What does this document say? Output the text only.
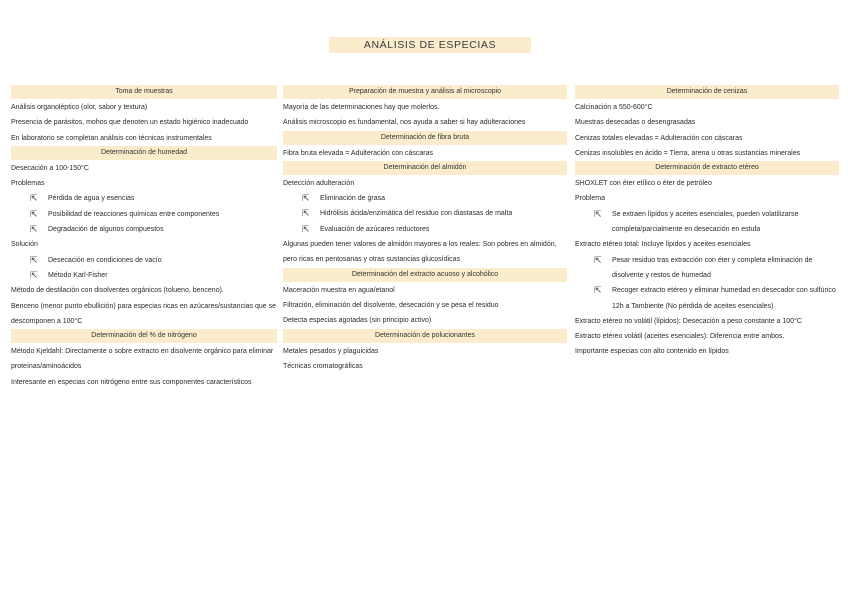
ANÁLISIS DE ESPECIAS
Toma de muestras
Análisis organoléptico (olor, sabor y textura)
Presencia de parásitos, mohos que denoten un estado higiénico inadecuado
En laboratorio se completan análisis con técnicas instrumentales
Determinación de humedad
Desecación a 100-150°C
Problemas
⇱ Pérdida de agua y esencias
⇱ Posibilidad de reacciones químicas entre componentes
⇱ Degradación de algunos compuestos
Solución
⇱ Desecación en condiciones de vacío
⇱ Método Karl-Fisher
Método de destilación con disolventes orgánicos (tolueno, benceno).
Benceno (menor punto ebullición) para especias ricas en azúcares/sustancias que se descomponen a 100°C
Determinación del % de nitrógeno
Método Kjeldahl: Directamente o sobre extracto en disolvente orgánico para eliminar proteínas/aminoácidos
Interesante en especias con nitrógeno entre sus componentes característicos
Preparación de muestra y análisis al microscopio
Mayoría de las determinaciones hay que molerlos.
Análisis microscopio es fundamental, nos ayuda a saber si hay adulteraciones
Determinación de fibra bruta
Fibra bruta elevada = Adulteración con cáscaras
Determinación del almidón
Detección adulteración
⇱ Eliminación de grasa
⇱ Hidrólisis ácida/enzimática del residuo con diastasas de malta
⇱ Evaluación de azúcares reductores
Algunas pueden tener valores de almidón mayores a los reales: Son pobres en almidón, pero ricas en pentosanas y otras sustancias glucosídicas
Determinación del extracto acuoso y alcohólico
Maceración muestra en agua/etanol
Filtración, eliminación del disolvente, desecación y se pesa el residuo
Detecta especias agotadas (sin principio activo)
Determinación de polucionantes
Metales pesados y plaguicidas
Técnicas cromatográficas
Determinación de cenizas
Calcinación a 550-600°C
Muestras desecadas o desengrasadas
Cenizas totales elevadas = Adulteración con cáscaras
Cenizas insolubles en ácido = Tierra, arena u otras sustancias minerales
Determinación de extracto etéreo
SHOXLET con éter etílico o éter de petróleo
Problema
⇱ Se extraen lípidos y aceites esenciales, pueden volatilizarse completa/parcialmente en desecación en estufa
Extracto etéreo total: Incluye lípidos y aceites esenciales
⇱ Pesar residuo tras extracción con éter y completa eliminación de disolvente y restos de humedad
⇱ Recoger extracto etéreo y eliminar humedad en desecador con sulfúrico 12h a Tambiente (No pérdida de aceites esenciales)
Extracto etéreo no volátil (lípidos): Desecación a peso constante a 100°C
Extracto etéreo volátil (aceites esenciales): Diferencia entre ambos.
Importante especias con alto contenido en lípidos
